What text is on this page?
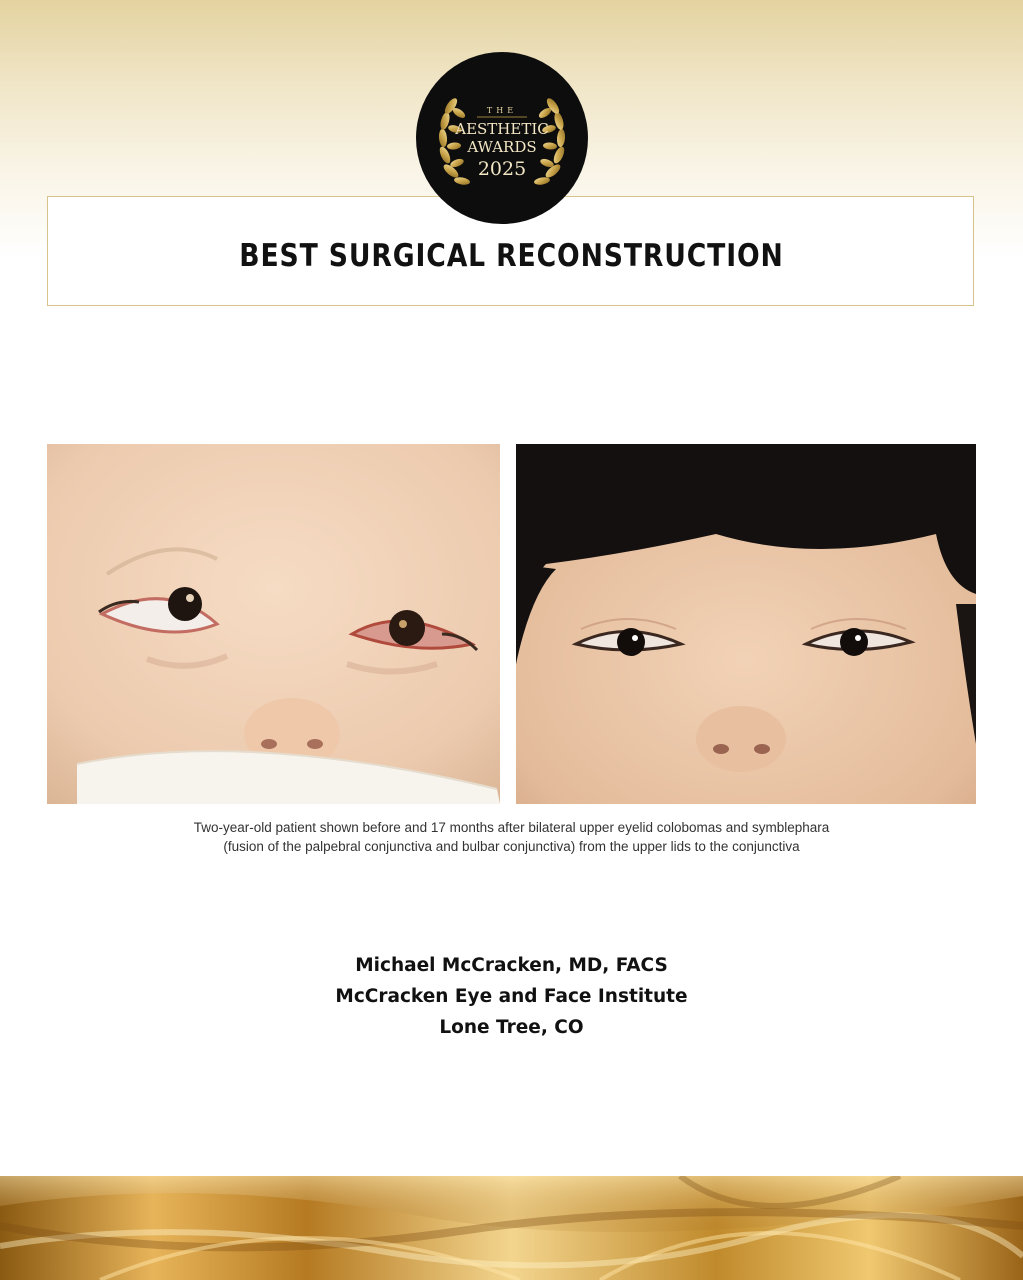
BEST SURGICAL RECONSTRUCTION
THE
AESTHETIC
AWARDS
2025
Two-year-old patient shown before and 17 months after bilateral upper eyelid colobomas and symblephara
(fusion of the palpebral conjunctiva and bulbar conjunctiva) from the upper lids to the conjunctiva
Michael McCracken, MD, FACS
McCracken Eye and Face Institute
Lone Tree, CO
